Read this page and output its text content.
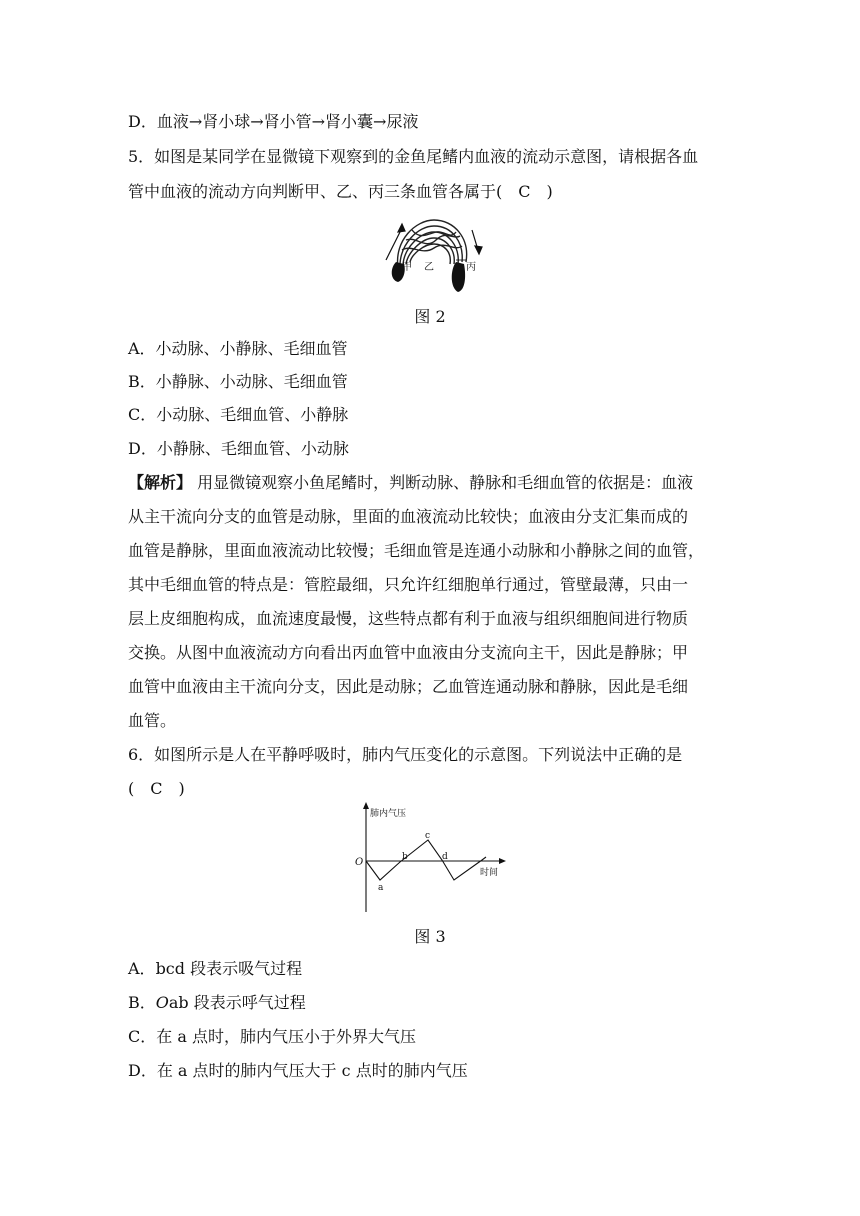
D．血液→肾小球→肾小管→肾小囊→尿液
5．如图是某同学在显微镜下观察到的金鱼尾鳍内血液的流动示意图，请根据各血
管中血液的流动方向判断甲、乙、丙三条血管各属于(　C　)
甲 乙	丙
图 2
A．小动脉、小静脉、毛细血管
B．小静脉、小动脉、毛细血管
C．小动脉、毛细血管、小静脉
D．小静脉、毛细血管、小动脉
【解析】 用显微镜观察小鱼尾鳍时，判断动脉、静脉和毛细血管的依据是：血液
从主干流向分支的血管是动脉，里面的血液流动比较快；血液由分支汇集而成的
血管是静脉，里面血液流动比较慢；毛细血管是连通小动脉和小静脉之间的血管，
其中毛细血管的特点是：管腔最细，只允许红细胞单行通过，管壁最薄，只由一
层上皮细胞构成，血流速度最慢，这些特点都有利于血液与组织细胞间进行物质
交换。从图中血液流动方向看出丙血管中血液由分支流向主干，因此是静脉；甲
血管中血液由主干流向分支，因此是动脉；乙血管连通动脉和静脉，因此是毛细
血管。
6．如图所示是人在平静呼吸时，肺内气压变化的示意图。下列说法中正确的是
(　C　)
肺内气压
O
a
b
c
d
时间
图 3
A．bcd 段表示吸气过程
B．Oab 段表示呼气过程
C．在 a 点时，肺内气压小于外界大气压
D．在 a 点时的肺内气压大于 c 点时的肺内气压
